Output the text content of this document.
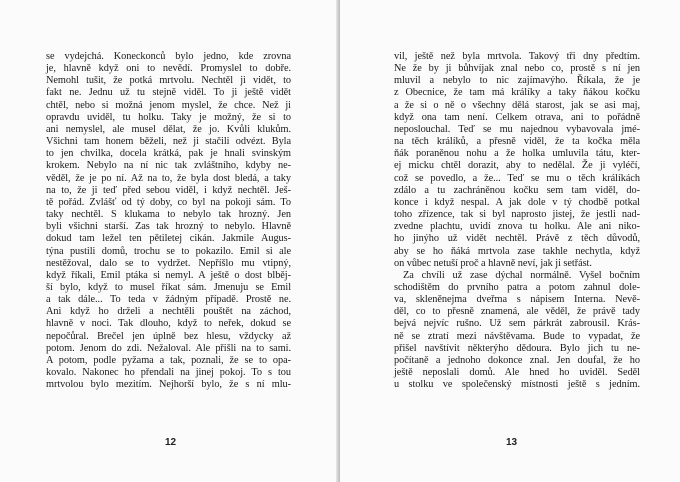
se vydejchá. Koneckonců bylo jedno, kde zrovna
je, hlavně když oni to nevědí. Promyslel to dobře.
Nemohl tušit, že potká mrtvolu. Nechtěl ji vidět, to
fakt ne. Jednu už tu stejně viděl. To ji ještě vidět
chtěl, nebo si možná jenom myslel, že chce. Než ji
opravdu uviděl, tu holku. Taky je možný, že si to
ani nemyslel, ale musel dělat, že jo. Kvůli klukům.
Všichni tam honem běželi, než ji stačili odvézt. Byla
to jen chvilka, docela krátká, pak je hnali svinským
krokem. Nebylo na ní nic tak zvláštního, kdyby ne-
věděl, že je po ní. Až na to, že byla dost bledá, a taky
na to, že ji teď před sebou viděl, i když nechtěl. Ješ-
tě pořád. Zvlášť od tý doby, co byl na pokoji sám. To
taky nechtěl. S klukama to nebylo tak hrozný. Jen
byli všichni starší. Zas tak hrozný to nebylo. Hlavně
dokud tam ležel ten pětiletej cikán. Jakmile Augus-
týna pustili domů, trochu se to pokazilo. Emil si ale
nestěžoval, dalo se to vydržet. Nepříšlo mu vtipný,
když říkali, Emil ptáka si nemyl. A ještě o dost blběj-
ší bylo, když to musel říkat sám. Jmenuju se Emil
a tak dále... To teda v žádným případě. Prostě ne.
Ani když ho drželi a nechtěli pouštět na záchod,
hlavně v noci. Tak dlouho, když to neřek, dokud se
nepočůral. Brečel jen úplně bez hlesu, vždycky až
potom. Jenom do zdi. Nežaloval. Ale přišli na to sami.
A potom, podle pyžama a tak, poznali, že se to opa-
kovalo. Nakonec ho přendali na jinej pokoj. To s tou
mrtvolou bylo mezitím. Nejhorší bylo, že s ní mlu-
12
vil, ještě než byla mrtvola. Takový tři dny předtím.
Ne že by ji bůhvíjak znal nebo co, prostě s ní jen
mluvil a nebylo to nic zajímavýho. Říkala, že je
z Obecnice, že tam má králíky a taky ňákou kočku
a že si o ně o všechny dělá starost, jak se asi maj,
když ona tam není. Celkem otrava, ani to pořádně
neposlouchal. Teď se mu najednou vybavovala jmé-
na těch králíků, a přesně viděl, že ta kočka měla
ňák poraněnou nohu a že holka umluvila tátu, kter-
ej micku chtěl dorazit, aby to nedělal. Že ji vyléčí,
což se povedlo, a že... Teď se mu o těch králíkách
zdálo a tu zachráněnou kočku sem tam viděl, do-
konce i když nespal. A jak dole v tý chodbě potkal
toho zřízence, tak si byl naprosto jistej, že jestli nad-
zvedne plachtu, uvidí znova tu holku. Ale ani niko-
ho jinýho už vidět nechtěl. Právě z těch důvodů,
aby se ho ňáká mrtvola zase takhle nechytla, když
on vůbec netuší proč a hlavně neví, jak ji setřást.
Za chvíli už zase dýchal normálně. Vyšel bočním
schodištěm do prvního patra a potom zahnul dole-
va, skleněnejma dveřma s nápisem Interna. Nevě-
děl, co to přesně znamená, ale věděl, že právě tady
bejvá nejvíc rušno. Už sem párkrát zabrousil. Krás-
ně se ztratí mezi návštěvama. Bude to vypadat, že
přišel navštívit některýho dědoura. Bylo jich tu ne-
počítaně a jednoho dokonce znal. Jen doufal, že ho
ještě neposlali domů. Ale hned ho uviděl. Seděl
u stolku ve společenský místnosti ještě s jedním.
13
